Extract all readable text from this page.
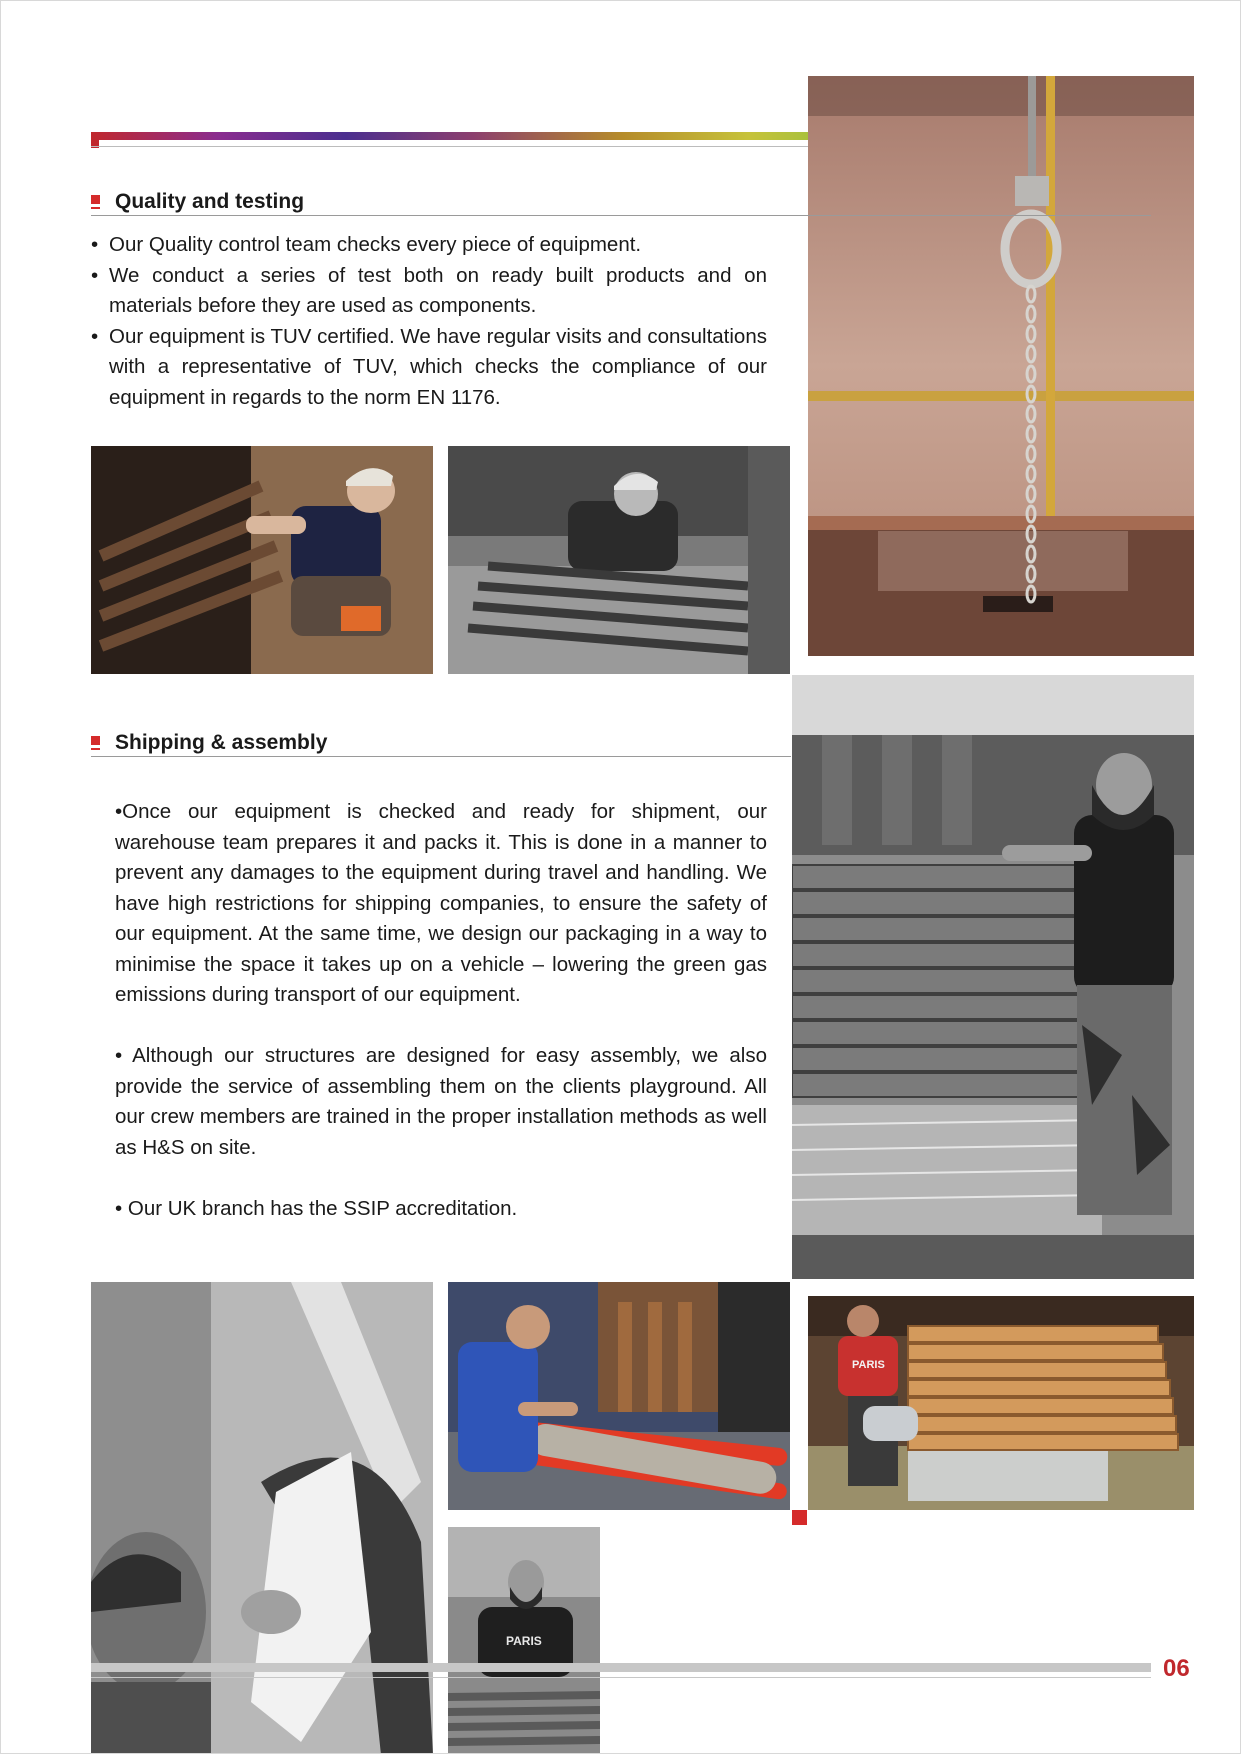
Quality and testing
• Our Quality control team checks every piece of equipment.
• We conduct a series of test both on ready built products and on materials before they are used as components.
• Our equipment is TUV certified. We have regular visits and consultations with a representative of TUV, which checks the compliance of our equipment in regards to the norm EN 1176.
Shipping & assembly

•Once our equipment is checked and ready for shipment, our warehouse team prepares it and packs it. This is done in a manner to prevent any damages to the equipment during travel and handling. We have high restrictions for shipping companies, to ensure the safety of our equipment. At the same time, we design our packaging in a way to minimise the space it takes up on a vehicle – lowering the green gas emissions during transport of our equipment.

• Although our structures are designed for easy assembly, we also provide the service of assembling them on the clients playground. All our crew members are trained in the proper installation methods as well as H&S on site.

• Our UK branch has the SSIP accreditation.

PARIS
PARIS
06
